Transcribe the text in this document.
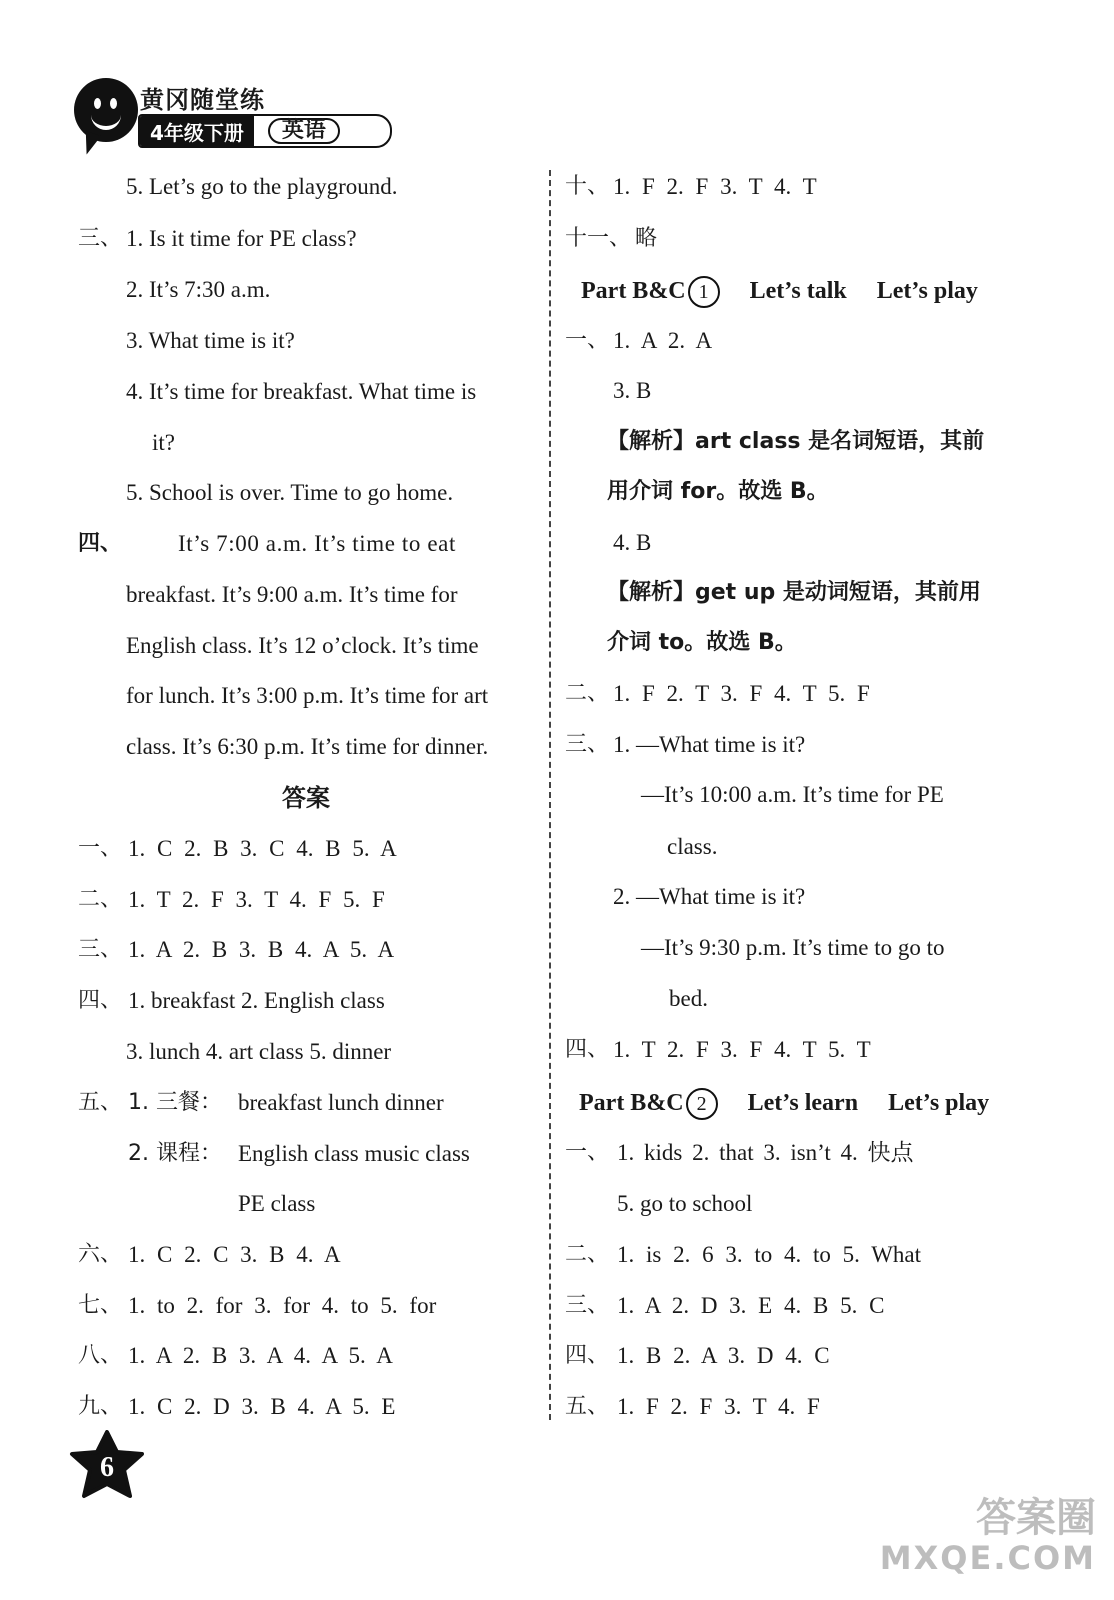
黄冈随堂练
4年级下册	英语
5. Let’s go to the playground.
三、 1. Is it time for PE class?
2. It’s 7:30 a.m.
3. What time is it?
4. It’s time for breakfast. What time is
it?
5. School is over. Time to go home.
四、 It’s 7:00 a.m. It’s time to eat
breakfast. It’s 9:00 a.m. It’s time for
English class. It’s 12 o’clock. It’s time
for lunch. It’s 3:00 p.m. It’s time for art
class. It’s 6:30 p.m. It’s time for dinner.
答案
一、 1. C 2. B 3. C 4. B 5. A
二、 1. T 2. F 3. T 4. F 5. F
三、 1. A 2. B 3. B 4. A 5. A
四、 1. breakfast 2. English class
3. lunch 4. art class 5. dinner
五、 1. 三餐： breakfast lunch dinner
2. 课程： English class music class
PE class
六、 1. C 2. C 3. B 4. A
七、 1. to 2. for 3. for 4. to 5. for
八、 1. A 2. B 3. A 4. A 5. A
九、 1. C 2. D 3. B 4. A 5. E
十、 1. F 2. F 3. T 4. T
十一、 略
Part B&C 1 Let’s talk Let’s play
一、 1. A 2. A
3. B
【解析】art class 是名词短语，其前
用介词 for。故选 B。
4. B
【解析】get up 是动词短语，其前用
介词 to。故选 B。
二、 1. F 2. T 3. F 4. T 5. F
三、 1. —What time is it?
—It’s 10:00 a.m. It’s time for PE
class.
2. —What time is it?
—It’s 9:30 p.m. It’s time to go to
bed.
四、 1. T 2. F 3. F 4. T 5. T
Part B&C 2 Let’s learn Let’s play
一、 1. kids 2. that 3. isn’t 4. 快点
5. go to school
二、 1. is 2. 6 3. to 4. to 5. What
三、 1. A 2. D 3. E 4. B 5. C
四、 1. B 2. A 3. D 4. C
五、 1. F 2. F 3. T 4. F
6
答案圈
MXQE.COM
